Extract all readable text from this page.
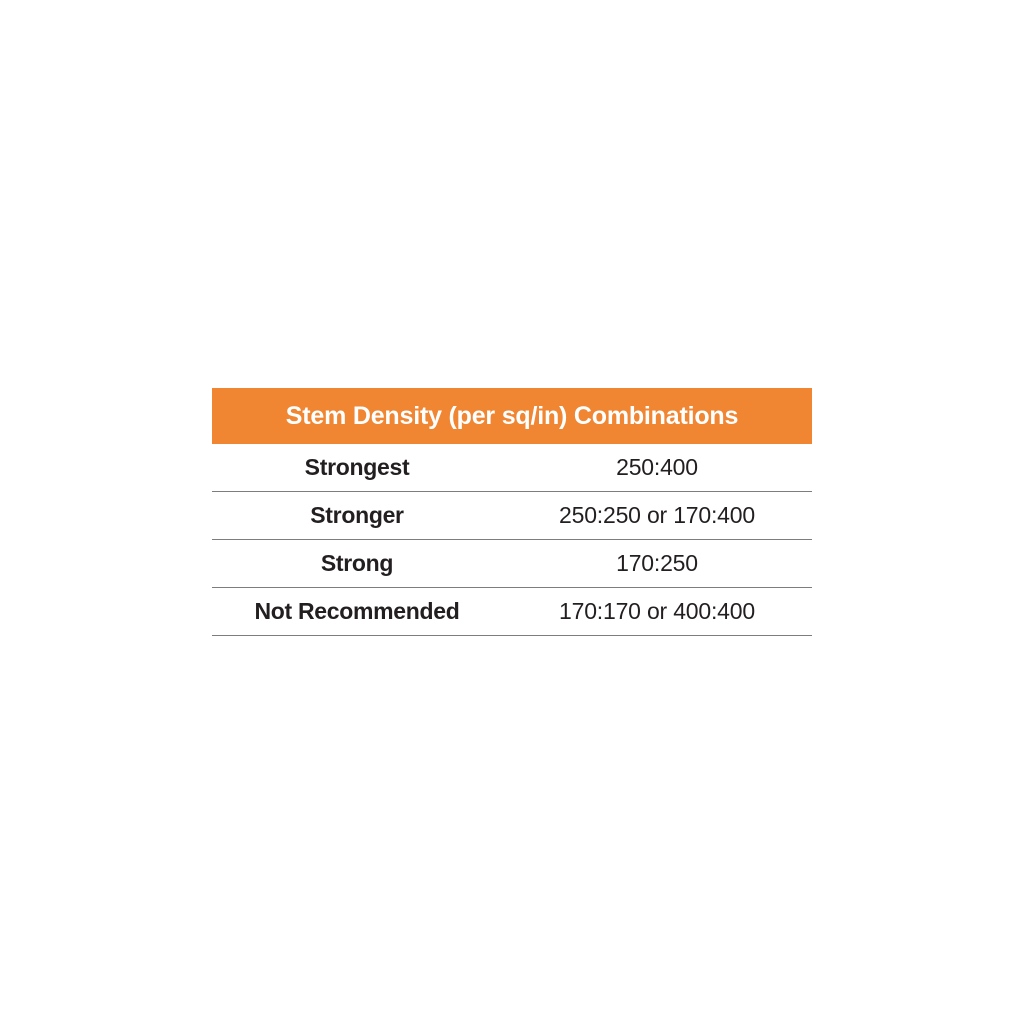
Stem Density (per sq/in) Combinations
Strongest	250:400
Stronger	250:250 or 170:400
Strong	170:250
Not Recommended	170:170 or 400:400
